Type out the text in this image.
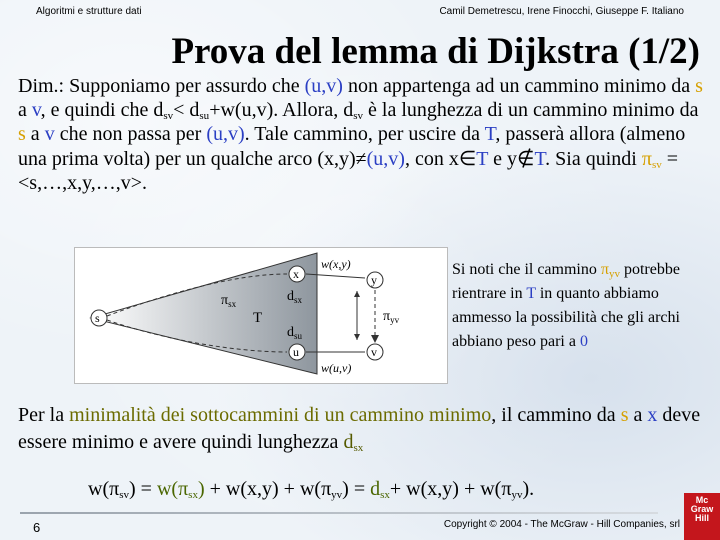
Algoritmi e strutture dati	Camil Demetrescu, Irene Finocchi, Giuseppe F. Italiano
Prova del lemma di Dijkstra (1/2)

Dim.: Supponiamo per assurdo che (u,v) non appartenga ad un cammino minimo da s a v, e quindi che $d_{sv}< d_{su}+w(u,v)$. Allora, $d_{sv}$ è la lunghezza di un cammino minimo da s a v che non passa per (u,v). Tale cammino, per uscire da T, passerà allora (almeno una prima volta) per un qualche arco (x,y)≠(u,v), con x∈T e y∉T. Sia quindi $\pi_{sv}$ = <s,…,x,y,…,v>.

s
x
u
y
v
T
w(x,y)
w(u,v)
$\pi_{sx}$	$d_{sx}$
$d_{su}$
$\pi_{yv}$

Si noti che il cammino $\pi_{yv}$ potrebbe rientrare in T in quanto abbiamo ammesso la possibilità che gli archi abbiano peso pari a 0

Per la minimalità dei sottocammini di un cammino minimo, il cammino da s a x deve essere minimo e avere quindi lunghezza $d_{sx}$

$w(\pi_{sv}) = w(\pi_{sx}) + w(x,y) + w(\pi_{yv}) = d_{sx}+ w(x,y) + w(\pi_{yv})$.

6	Copyright © 2004 - The McGraw - Hill Companies, srl
Mc
Graw
Hill
